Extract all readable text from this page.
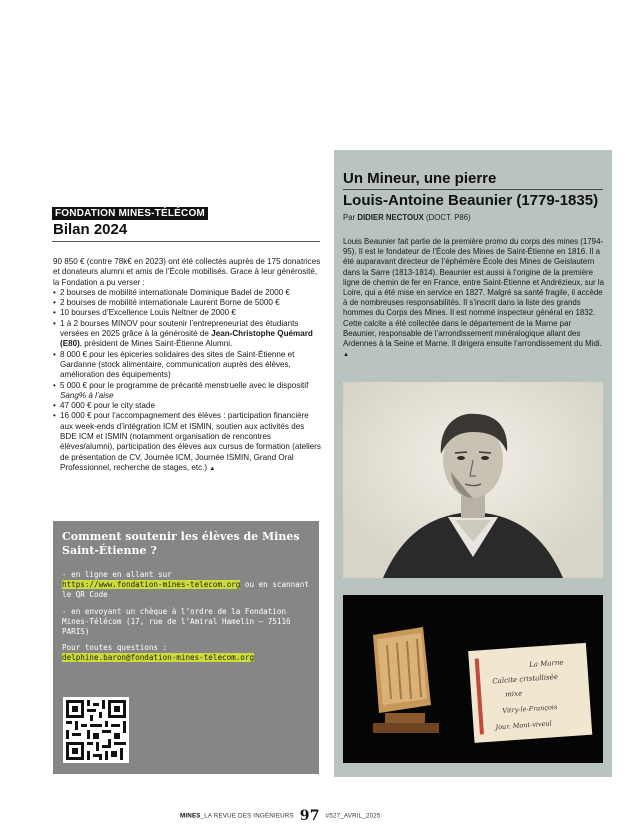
FONDATION MINES-TÉLÉCOM
Bilan 2024

90 850 € (contre 78k€ en 2023) ont été collectés auprès de 175 donatrices et donateurs alumni et amis de l’École mobilisés. Grace à leur générosité, la Fondation a pu verser :

• 2 bourses de mobilité internationale Dominique Badel de 2000 €
• 2 bourses de mobilité internationale Laurent Borne de 5000 €
• 10 bourses d’Excellence Louis Neltner de 2000 €
• 1 à 2 bourses MINOV pour soutenir l’entrepreneuriat des étudiants versées en 2025 grâce à la générosité de Jean-Christophe Quémard (E80), président de Mines Saint-Étienne Alumni.
• 8 000 € pour les épiceries solidaires des sites de Saint-Étienne et Gardanne (stock alimentaire, communication auprès des élèves, amélioration des équipements)
• 5 000 € pour le programme de précarité menstruelle avec le dispositif Sang% à l’aise
• 47 000 € pour le city stade
• 16 000 € pour l’accompagnement des élèves : participation financière aux week-ends d’intégration ICM et ISMIN, soutien aux activités des BDE ICM et ISMIN (notamment organisation de rencontres élèves/alumni), participation des élèves aux cursus de formation (ateliers de présentation de CV, Journée ICM, Journée ISMIN, Grand Oral Professionnel, recherche de stages, etc.) ▲
Comment soutenir les élèves de Mines Saint-Étienne ?

- en ligne en allant sur
https://www.fondation-mines-telecom.org ou en scannant le QR Code

- en envoyant un chèque à l’ordre de la Fondation Mines-Télécom (17, rue de l’Amiral Hamelin – 75116 PARIS)

Pour toutes questions :
delphine.baron@fondation-mines-telecom.org

Un Mineur, une pierre
Louis-Antoine Beaunier (1779-1835)
Par DIDIER NECTOUX (DOCT. P86)

Louis Beaunier fait partie de la première promo du corps des mines (1794-95). Il est le fondateur de l’École des Mines de Saint-Étienne en 1816. Il a été auparavant directeur de l’éphémère École des Mines de Geislautern dans la Sarre (1813-1814). Beaunier est aussi à l’origine de la première ligne de chemin de fer en France, entre Saint-Étienne et Andrézieux, sur la Loire, qui a été mise en service en 1827. Malgré sa santé fragile, il accède à de nombreuses responsabilités. Il s’inscrit dans la liste des grands hommes du Corps des Mines. Il est nommé inspecteur général en 1832.

Cette calcite a été collectée dans le département de la Marne par Beaunier, responsable de l’arrondissement minéralogique allant des Ardennes à la Seine et Marne. Il dirigera ensuite l’arrondissement du Midi. ▲

La Marne
Calcite cristallisée
mixe
Vitry-le-François
Jour. Mont-viveul
MINES_LA REVUE DES INGÉNIEURS 97 #527_AVRIL_2025
